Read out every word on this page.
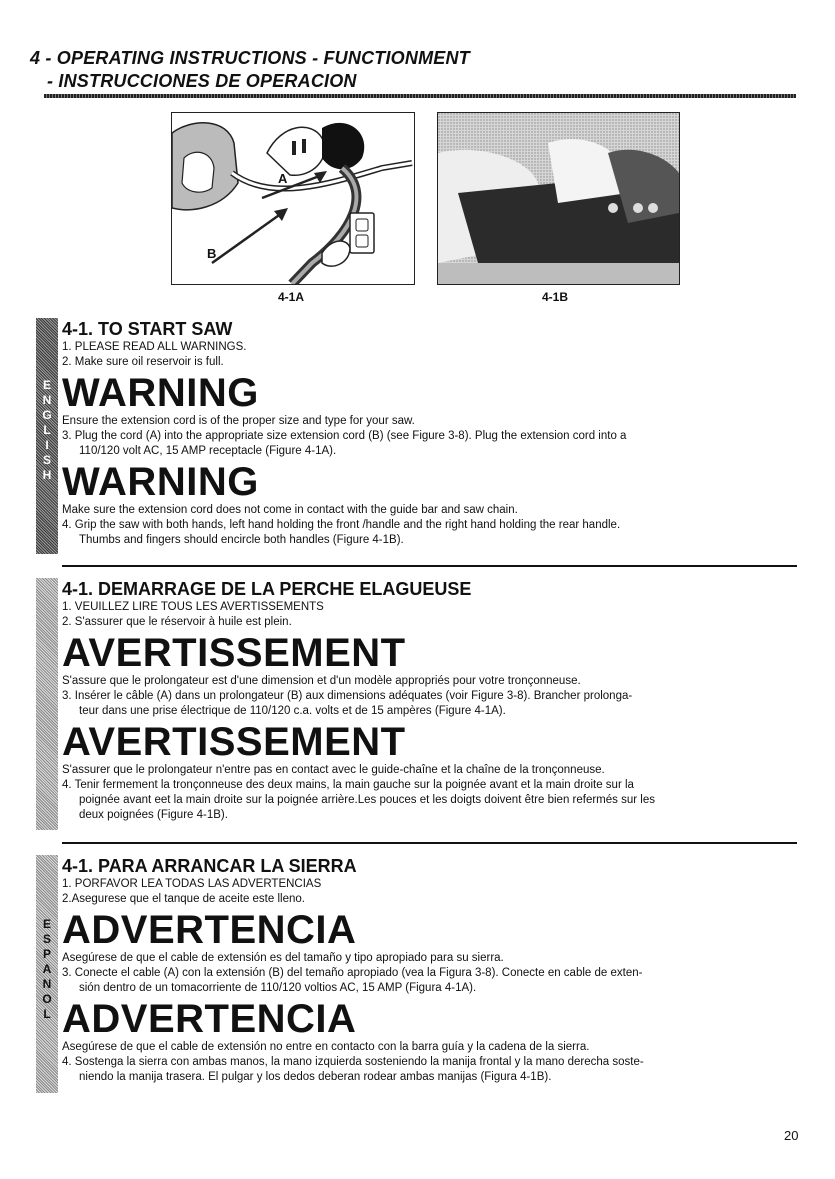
4 - OPERATING INSTRUCTIONS - FUNCTIONMENT
- INSTRUCCIONES DE OPERACION
A
B
4-1A	4-1B
E
N
G
L
I
S
H

4-1. TO START SAW

1. PLEASE READ ALL WARNINGS.

2. Make sure oil reservoir is full.

WARNING

Ensure the extension cord is of the proper size and type for your saw.

3. Plug the cord (A) into the appropriate size extension cord (B) (see Figure 3-8). Plug the extension cord into a

110/120 volt AC, 15 AMP receptacle (Figure 4-1A).

WARNING

Make sure the extension cord does not come in contact with the guide bar and saw chain.

4. Grip the saw with both hands, left hand holding the front /handle and the right hand holding the rear handle.

Thumbs and fingers should encircle both handles (Figure 4-1B).

4-1. DEMARRAGE DE LA PERCHE ELAGUEUSE

1. VEUILLEZ LIRE TOUS LES AVERTISSEMENTS

2. S'assurer que le réservoir à huile est plein.

AVERTISSEMENT

S'assure que le prolongateur est d'une dimension et d'un modèle appropriés pour votre tronçonneuse.

3. Insérer le câble (A) dans un prolongateur (B) aux dimensions adéquates (voir Figure 3-8). Brancher prolonga-

teur dans une prise électrique de 110/120 c.a. volts et de 15 ampères (Figure 4-1A).

AVERTISSEMENT

S'assurer que le prolongateur n'entre pas en contact avec le guide-chaîne et la chaîne de la tronçonneuse.

4. Tenir fermement la tronçonneuse des deux mains, la main gauche sur la poignée avant et la main droite sur la

poignée avant eet la main droite sur la poignée arrière.Les pouces et les doigts doivent être bien refermés sur les

deux poignées (Figure 4-1B).

E
S
P
A
N
O
L

4-1. PARA ARRANCAR LA SIERRA

1. PORFAVOR LEA TODAS LAS ADVERTENCIAS

2.Asegurese que el tanque de aceite este lleno.

ADVERTENCIA

Asegúrese de que el cable de extensión es del tamaño y tipo apropiado para su sierra.

3. Conecte el cable (A) con la extensión (B) del temaño apropiado (vea la Figura 3-8). Conecte en cable de exten-

sión dentro de un tomacorriente de 110/120 voltios AC, 15 AMP (Figura 4-1A).

ADVERTENCIA

Asegúrese de que el cable de extensión no entre en contacto con la barra guía y la cadena de la sierra.

4. Sostenga la sierra con ambas manos, la mano izquierda sosteniendo la manija frontal y la mano derecha soste-

niendo la manija trasera. El pulgar y los dedos deberan rodear ambas manijas (Figura 4-1B).

20
